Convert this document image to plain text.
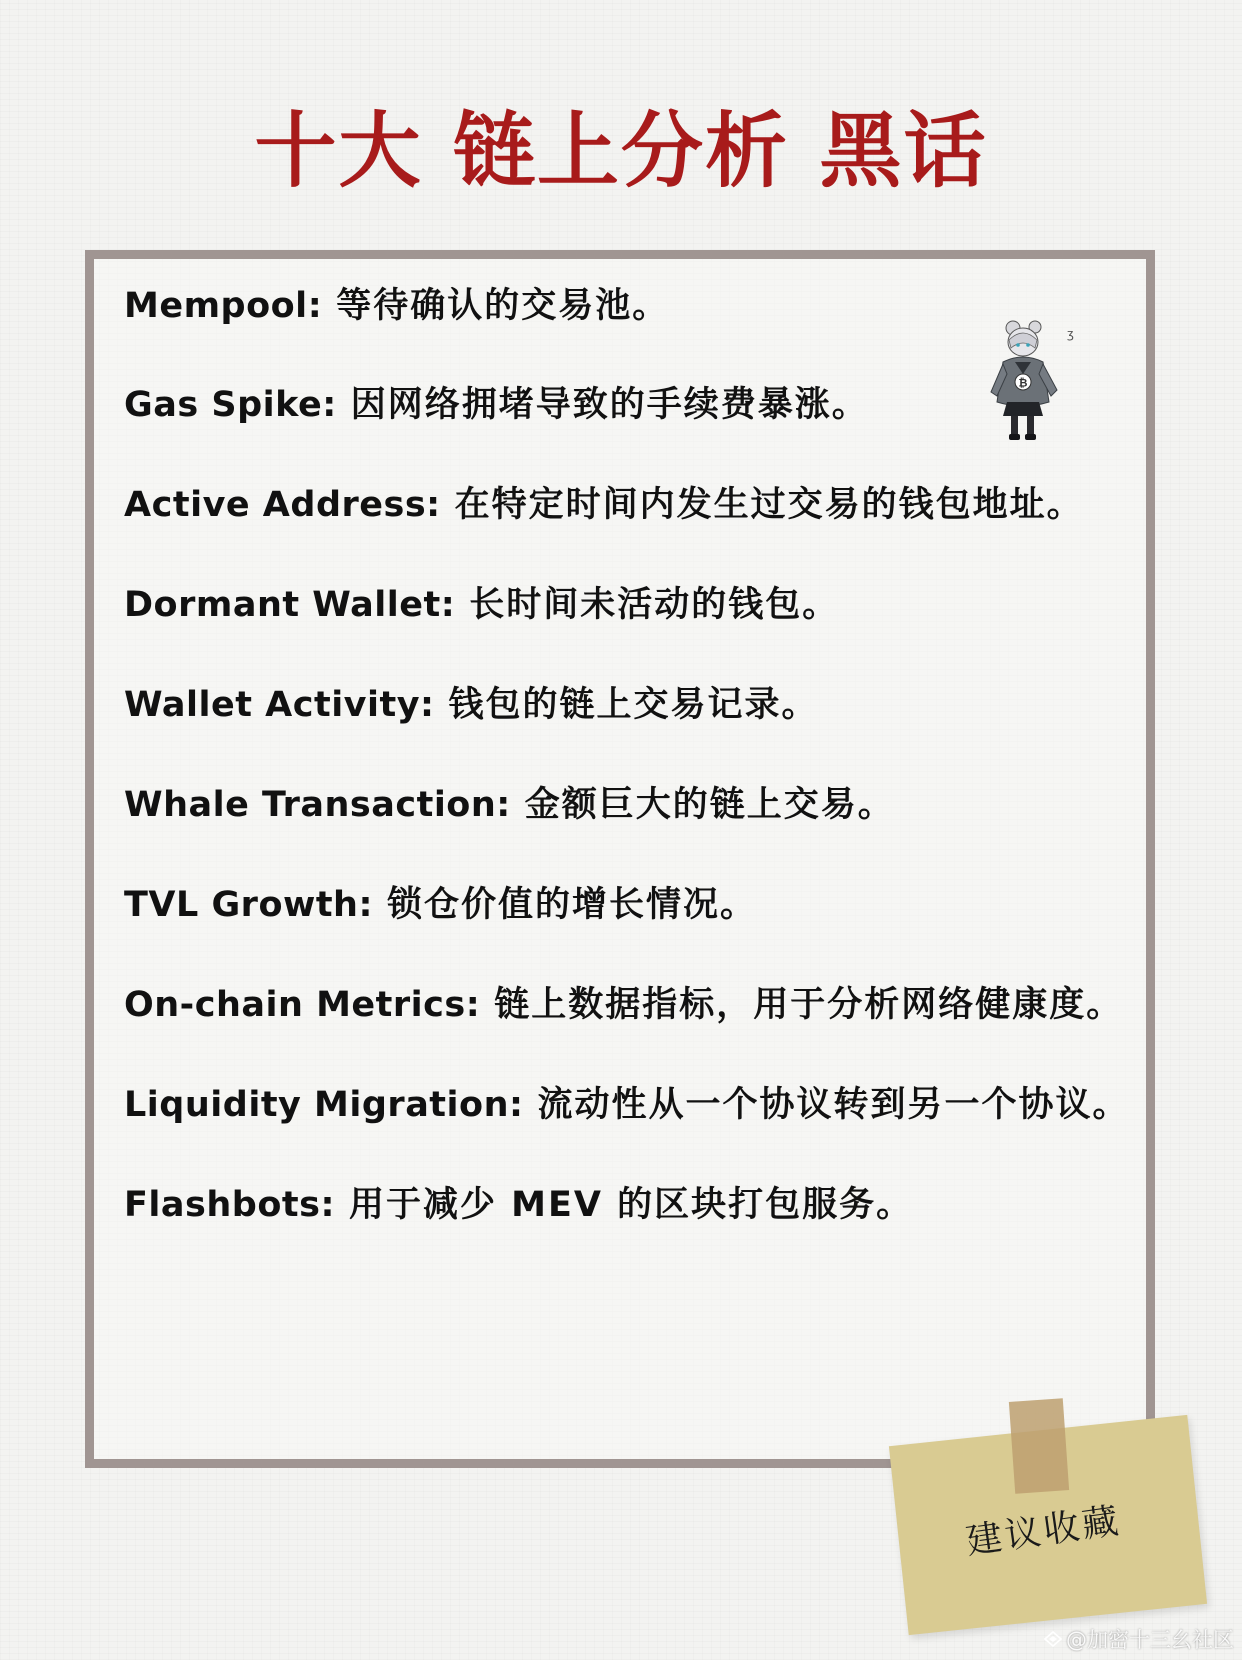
十大 链上分析 黑话
Mempool: 等待确认的交易池。
Gas Spike: 因网络拥堵导致的手续费暴涨。
Active Address: 在特定时间内发生过交易的钱包地址。
Dormant Wallet: 长时间未活动的钱包。
Wallet Activity: 钱包的链上交易记录。
Whale Transaction: 金额巨大的链上交易。
TVL Growth: 锁仓价值的增长情况。
On-chain Metrics: 链上数据指标，用于分析网络健康度。
Liquidity Migration: 流动性从一个协议转到另一个协议。
Flashbots: 用于减少 MEV 的区块打包服务。
₿
ʒ
建议收藏
@加密十三幺社区
